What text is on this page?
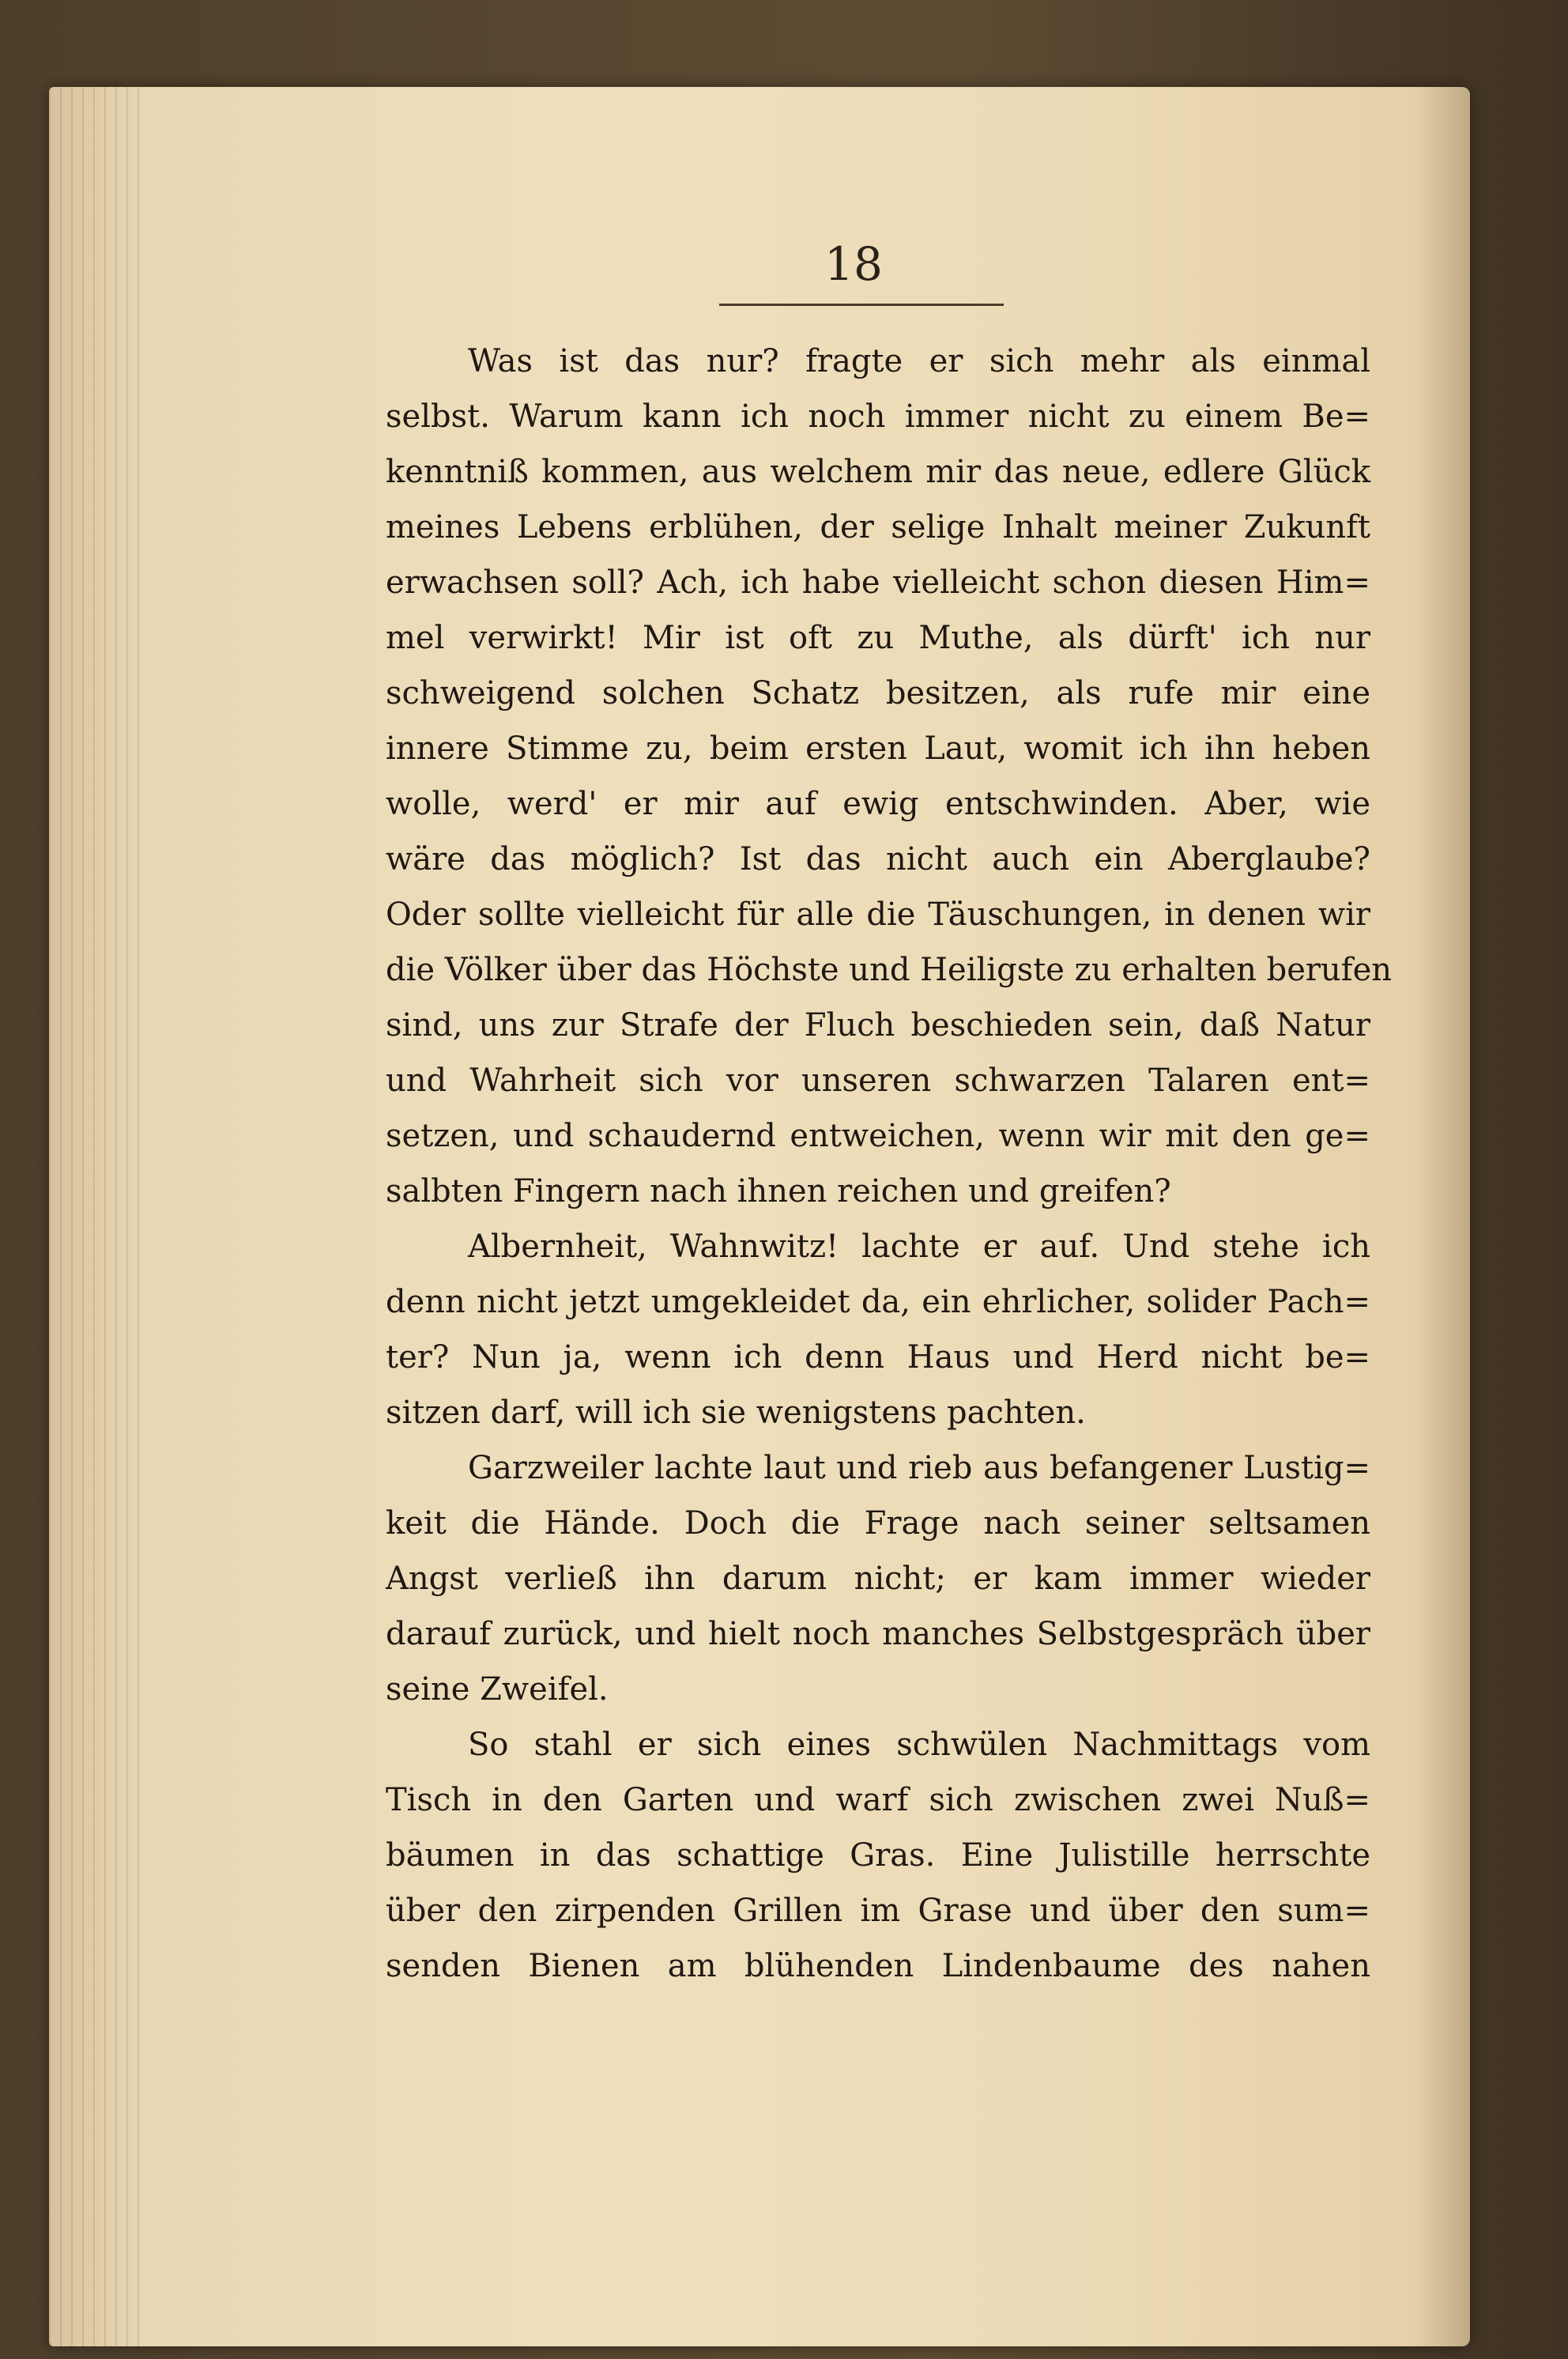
18
Was ist das nur? fragte er sich mehr als einmal
selbst. Warum kann ich noch immer nicht zu einem Be=
kenntniß kommen, aus welchem mir das neue, edlere Glück
meines Lebens erblühen, der selige Inhalt meiner Zukunft
erwachsen soll? Ach, ich habe vielleicht schon diesen Him=
mel verwirkt! Mir ist oft zu Muthe, als dürft' ich nur
schweigend solchen Schatz besitzen, als rufe mir eine
innere Stimme zu, beim ersten Laut, womit ich ihn heben
wolle, werd' er mir auf ewig entschwinden. Aber, wie
wäre das möglich? Ist das nicht auch ein Aberglaube?
Oder sollte vielleicht für alle die Täuschungen, in denen wir
die Völker über das Höchste und Heiligste zu erhalten berufen
sind, uns zur Strafe der Fluch beschieden sein, daß Natur
und Wahrheit sich vor unseren schwarzen Talaren ent=
setzen, und schaudernd entweichen, wenn wir mit den ge=
salbten Fingern nach ihnen reichen und greifen?
Albernheit, Wahnwitz! lachte er auf. Und stehe ich
denn nicht jetzt umgekleidet da, ein ehrlicher, solider Pach=
ter? Nun ja, wenn ich denn Haus und Herd nicht be=
sitzen darf, will ich sie wenigstens pachten.
Garzweiler lachte laut und rieb aus befangener Lustig=
keit die Hände. Doch die Frage nach seiner seltsamen
Angst verließ ihn darum nicht; er kam immer wieder
darauf zurück, und hielt noch manches Selbstgespräch über
seine Zweifel.
So stahl er sich eines schwülen Nachmittags vom
Tisch in den Garten und warf sich zwischen zwei Nuß=
bäumen in das schattige Gras. Eine Julistille herrschte
über den zirpenden Grillen im Grase und über den sum=
senden Bienen am blühenden Lindenbaume des nahen
